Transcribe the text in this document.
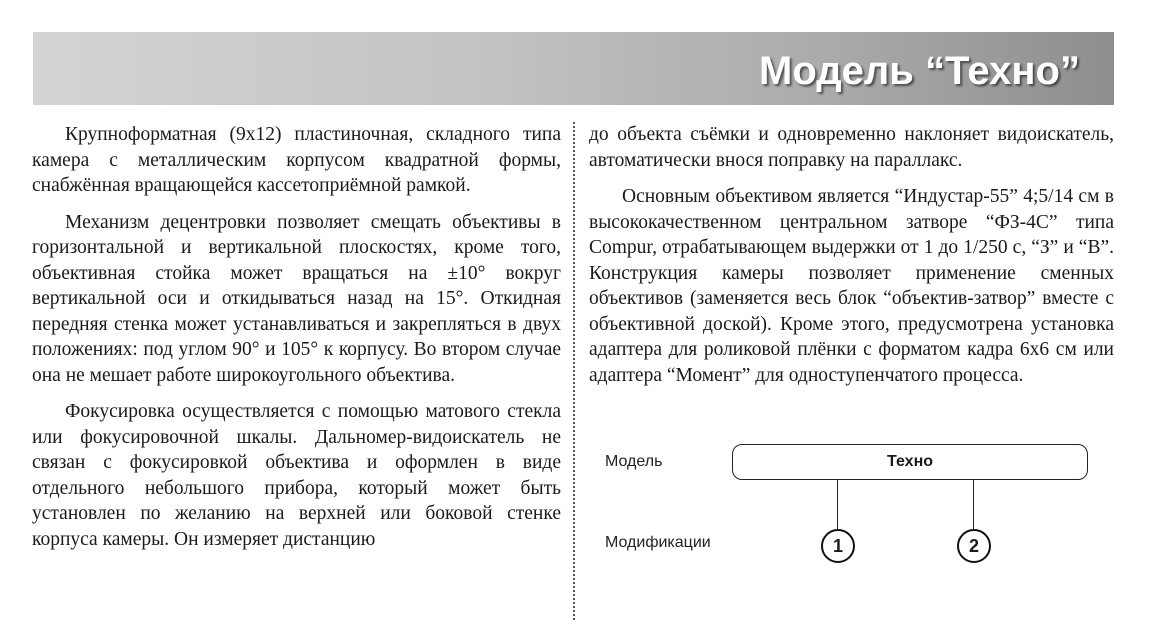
Модель “Техно”

Крупноформатная (9х12) пластиночная, складного типа камера с металлическим корпусом квадратной формы, снабжённая вращающейся кассетоприёмной рамкой.

Механизм децентровки позволяет смещать объективы в горизонтальной и вертикальной плоскостях, кроме того, объективная стойка может вращаться на ±10° вокруг вертикальной оси и откидываться назад на 15°. Откидная передняя стенка может устанавливаться и закрепляться в двух положениях: под углом 90° и 105° к корпусу. Во втором случае она не мешает работе широкоугольного объектива.

Фокусировка осуществляется с помощью матового стекла или фокусировочной шкалы. Дальномер-видоискатель не связан с фокусировкой объектива и оформлен в виде отдельного небольшого прибора, который может быть установлен по желанию на верхней или боковой стенке корпуса камеры. Он измеряет дистанцию

до объекта съёмки и одновременно наклоняет видоискатель, автоматически внося поправку на параллакс.

Основным объективом является “Индустар-55” 4;5/14 см в высококачественном центральном затворе “ФЗ-4С” типа Compur, отрабатывающем выдержки от 1 до 1/250 с, “З” и “В”. Конструкция камеры позволяет применение сменных объективов (заменяется весь блок “объектив-затвор” вместе с объективной доской). Кроме этого, предусмотрена установка адаптера для роликовой плёнки с форматом кадра 6х6 см или адаптера “Момент” для одноступенчатого процесса.

Модель
Модификации
Техно
1	2
